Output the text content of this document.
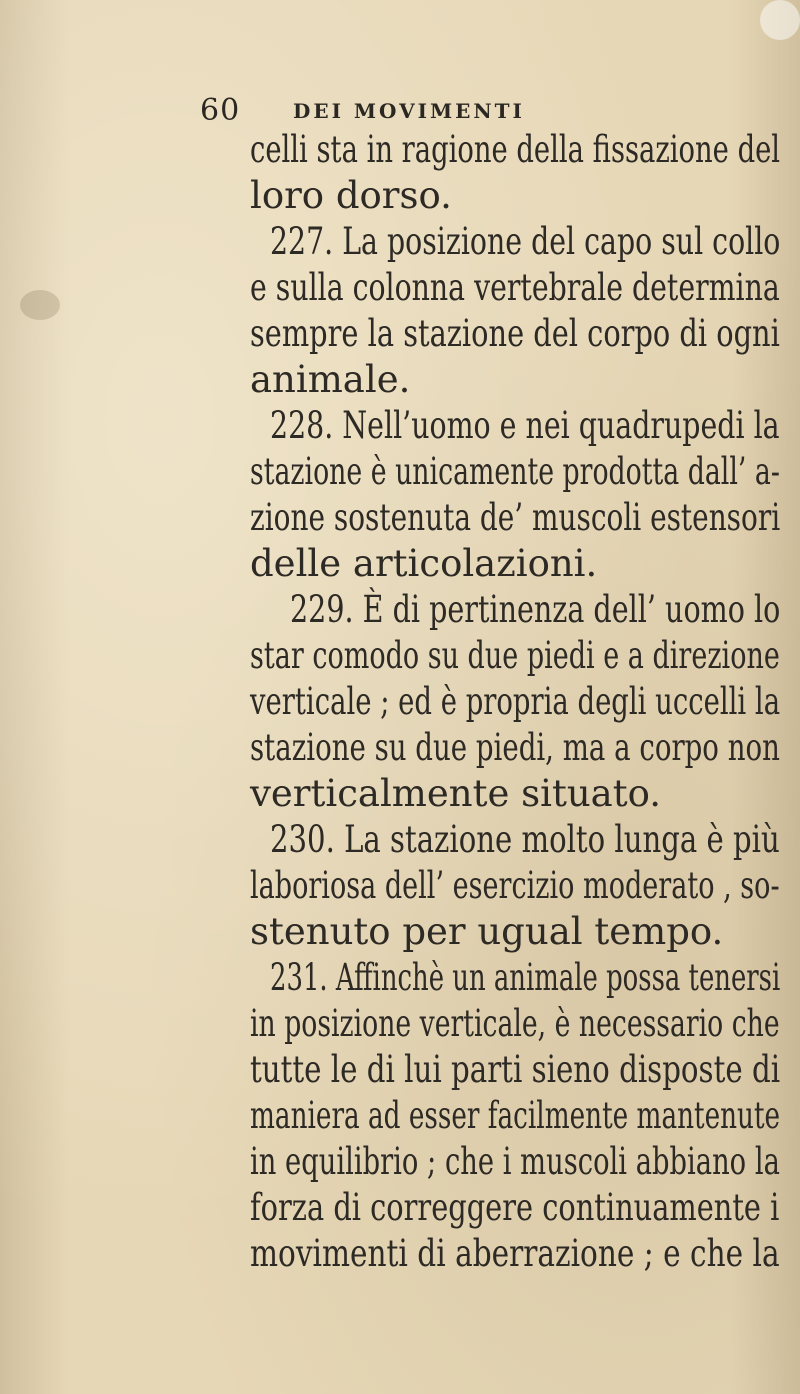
60	DEI MOVIMENTI
celli sta in ragione della fissazione del
loro dorso.
227. La posizione del capo sul collo
e sulla colonna vertebrale determina
sempre la stazione del corpo di ogni
animale.
228. Nell’uomo e nei quadrupedi la
stazione è unicamente prodotta dall’ a-
zione sostenuta de’ muscoli estensori
delle articolazioni.
229. È di pertinenza dell’ uomo lo
star comodo su due piedi e a direzione
verticale ; ed è propria degli uccelli la
stazione su due piedi, ma a corpo non
verticalmente situato.
230. La stazione molto lunga è più
laboriosa dell’ esercizio moderato , so-
stenuto per ugual tempo.
231. Affinchè un animale possa tenersi
in posizione verticale, è necessario che
tutte le di lui parti sieno disposte di
maniera ad esser facilmente mantenute
in equilibrio ; che i muscoli abbiano la
forza di correggere continuamente i
movimenti di aberrazione ; e che la
